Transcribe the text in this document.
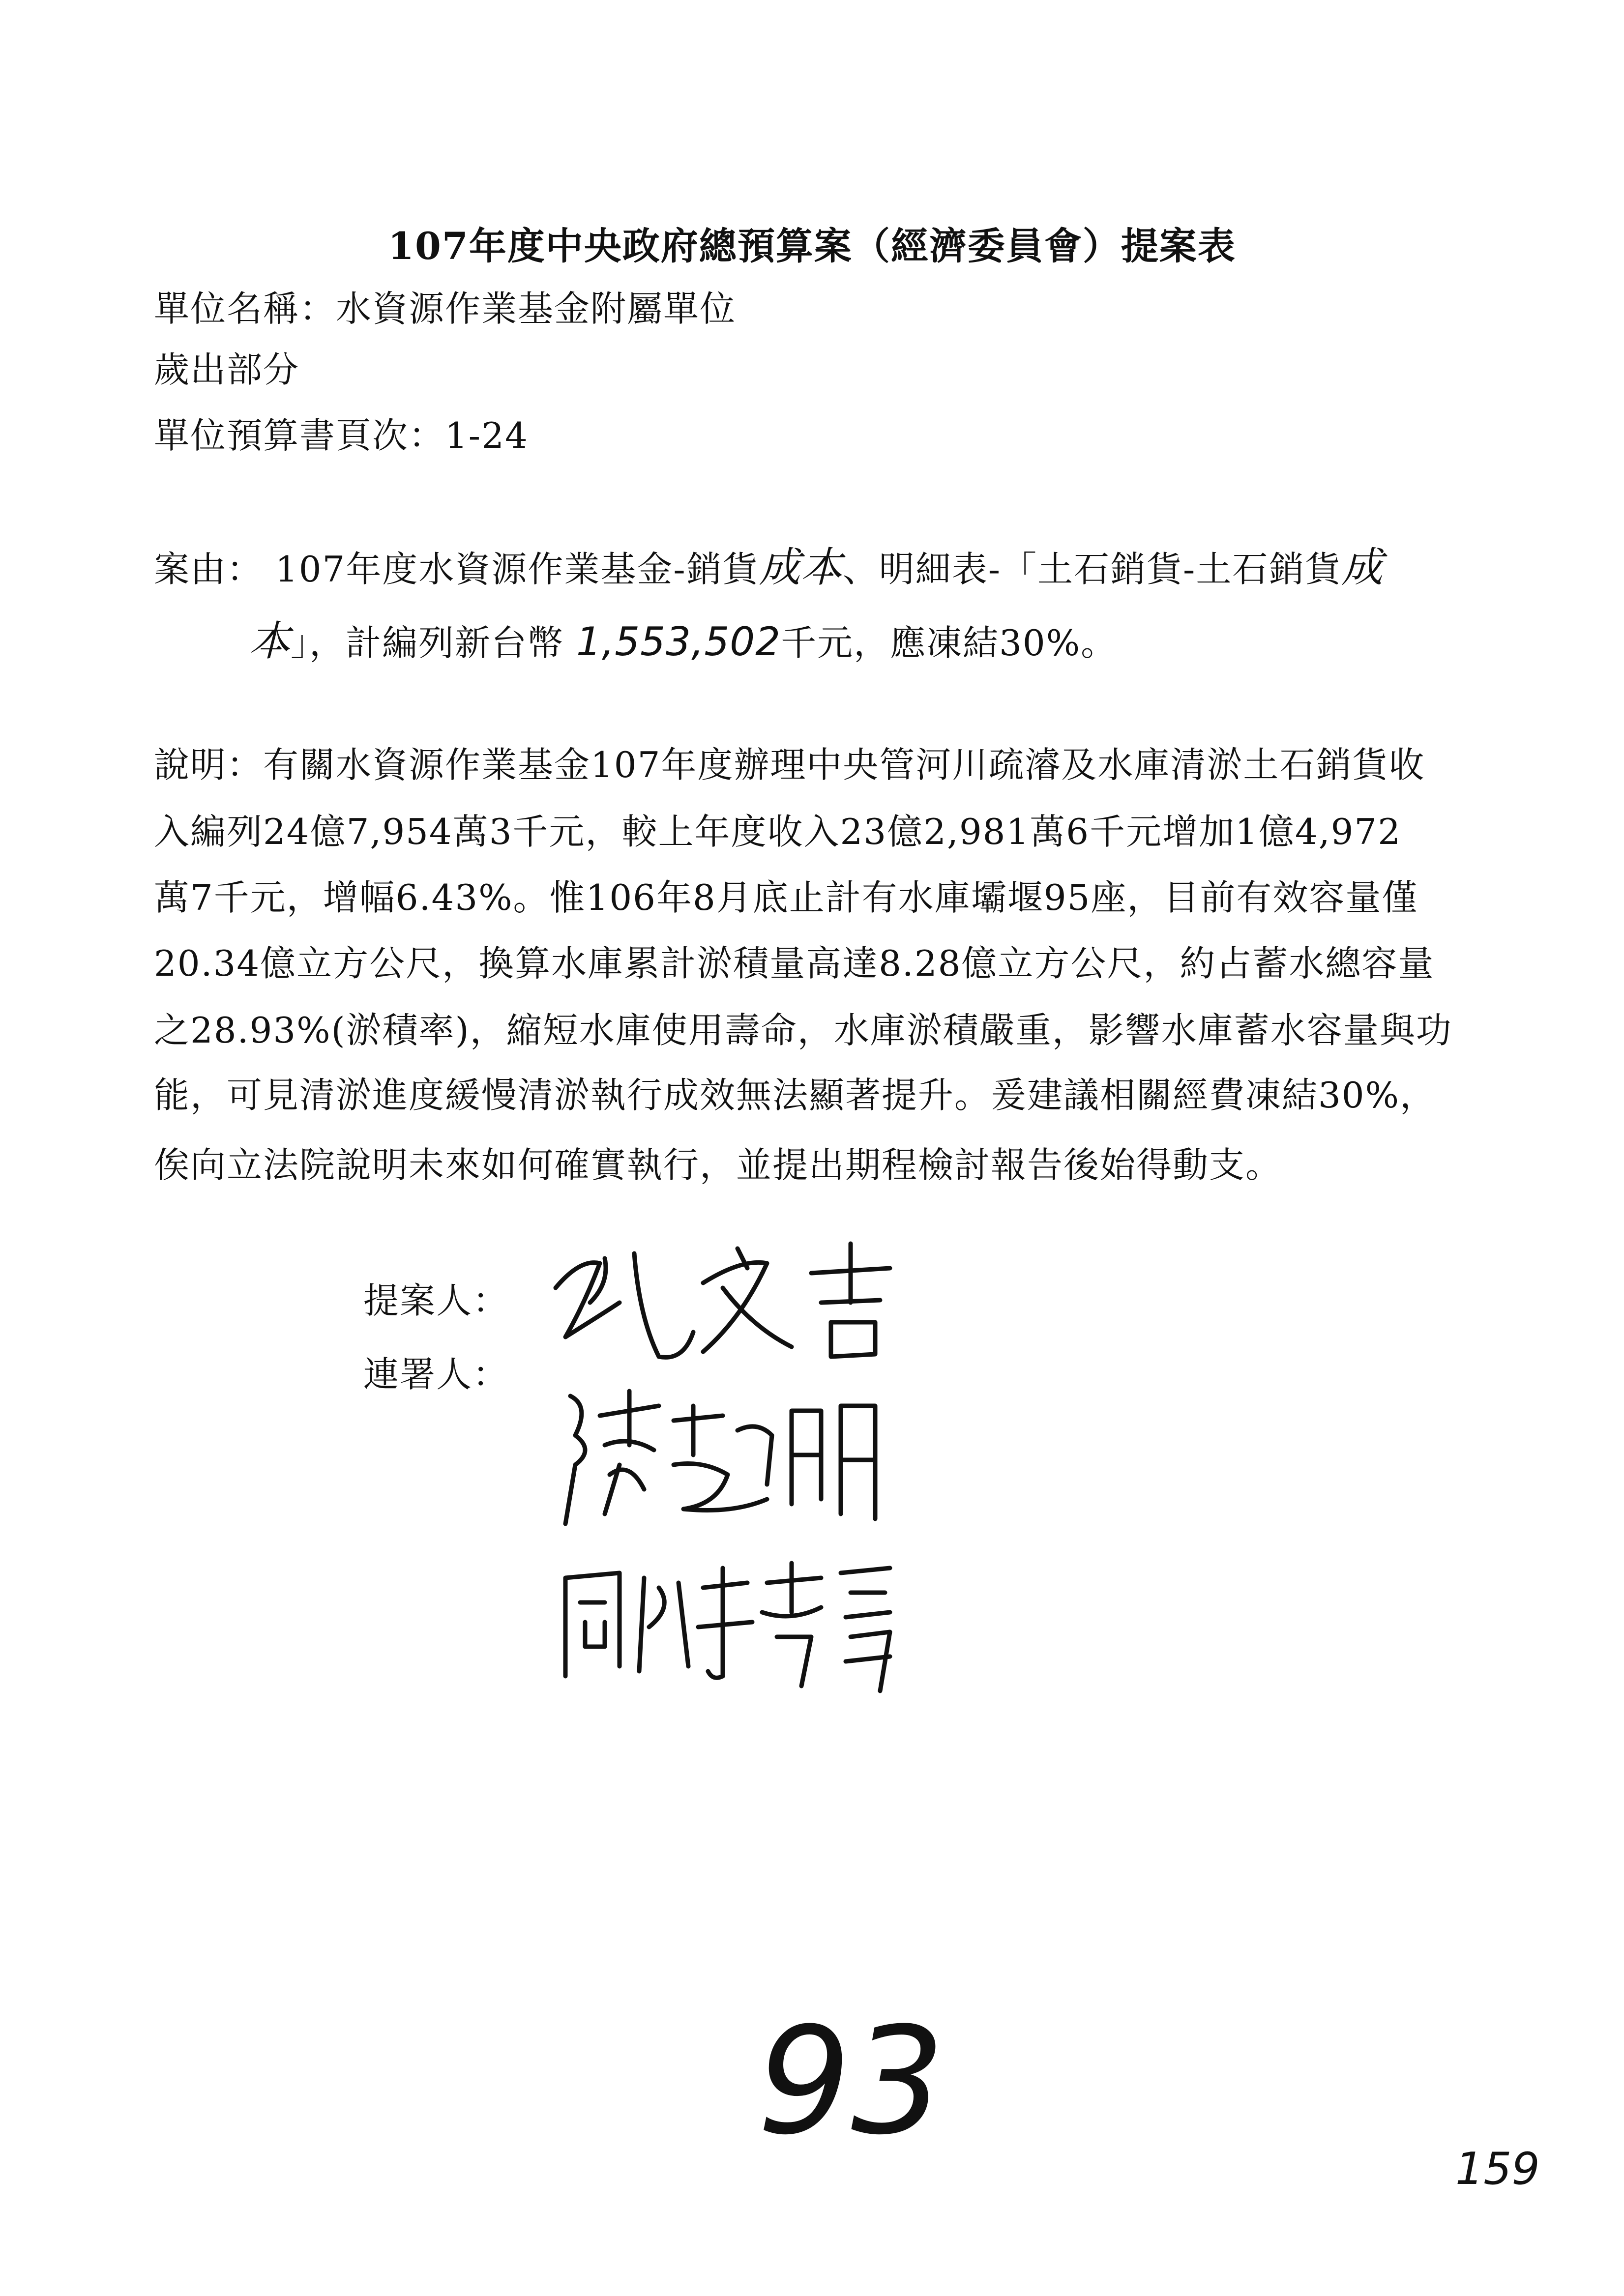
107年度中央政府總預算案（經濟委員會）提案表
單位名稱：水資源作業基金附屬單位
歲出部分
單位預算書頁次：1-24
案由： 107年度水資源作業基金-銷貨成本、明細表-「土石銷貨-土石銷貨成
本」，計編列新台幣 1,553,502千元，應凍結30%。
說明：有關水資源作業基金107年度辦理中央管河川疏濬及水庫清淤土石銷貨收
入編列24億7,954萬3千元，較上年度收入23億2,981萬6千元增加1億4,972
萬7千元，增幅6.43%。惟106年8月底止計有水庫壩堰95座，目前有效容量僅
20.34億立方公尺，換算水庫累計淤積量高達8.28億立方公尺，約占蓄水總容量
之28.93%(淤積率)，縮短水庫使用壽命，水庫淤積嚴重，影響水庫蓄水容量與功
能，可見清淤進度緩慢清淤執行成效無法顯著提升。爰建議相關經費凍結30%，
俟向立法院說明未來如何確實執行，並提出期程檢討報告後始得動支。
提案人：
連署人：
93
159
